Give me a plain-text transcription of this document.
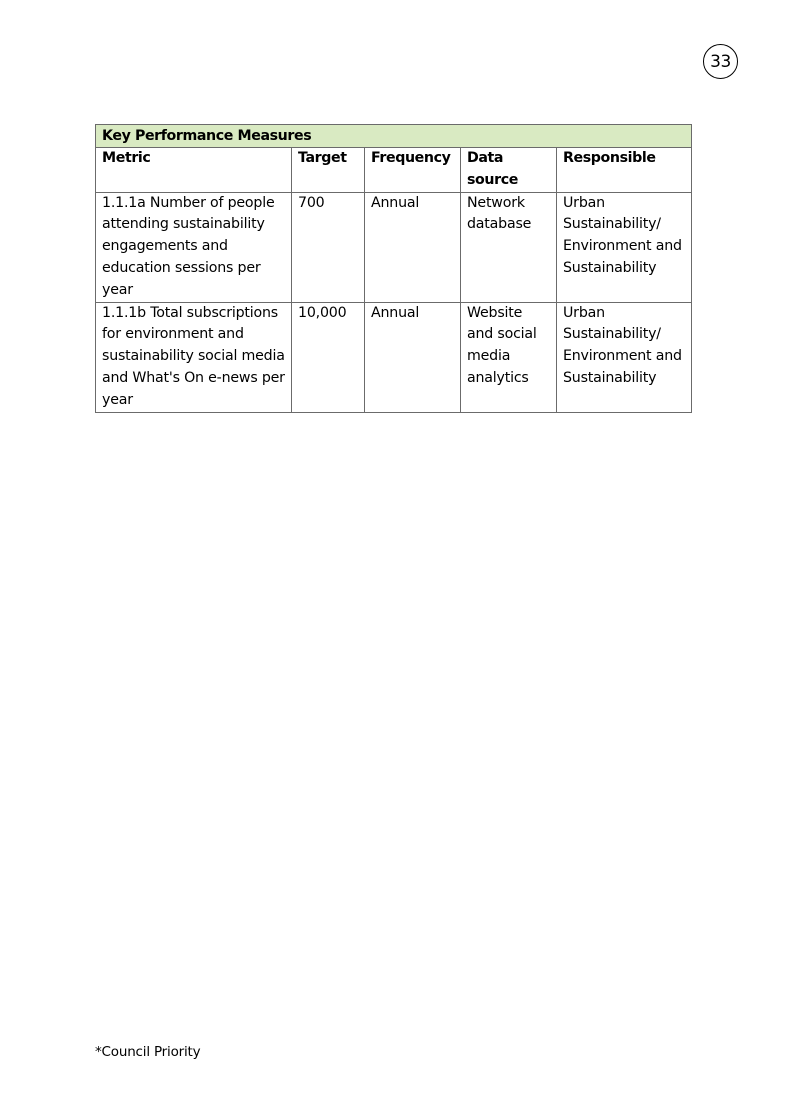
33
Key Performance Measures				
Metric	Target	Frequency	Data source	Responsible
1.1.1a Number of people attending sustainability engagements and education sessions per year	700	Annual	Network database	Urban Sustainability/ Environment and Sustainability
1.1.1b Total subscriptions for environment and sustainability social media and What's On e-news per year	10,000	Annual	Website and social media analytics	Urban Sustainability/ Environment and Sustainability
*Council Priority
